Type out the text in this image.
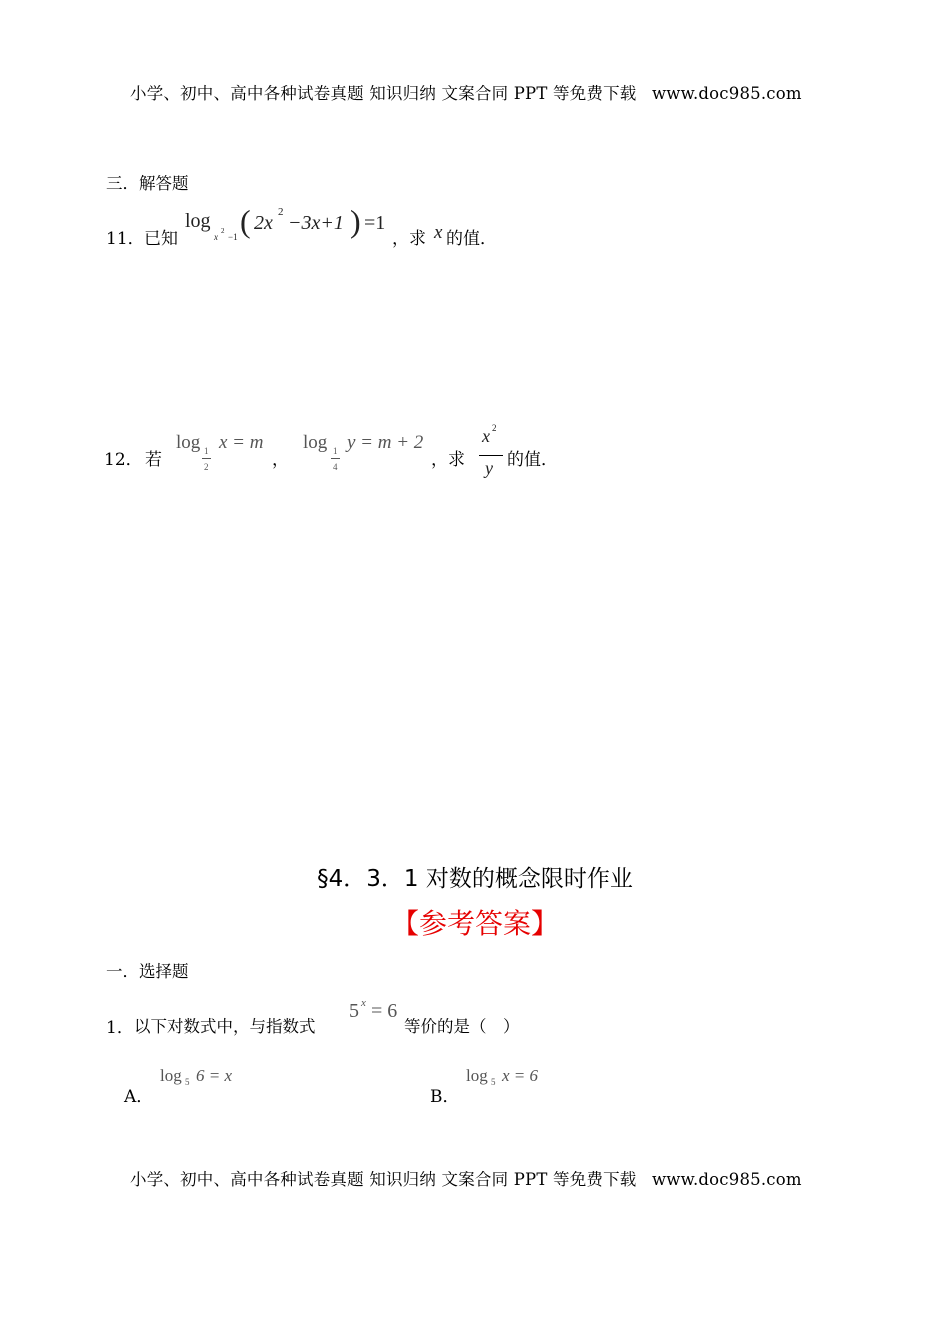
小学、初中、高中各种试卷真题 知识归纳 文案合同 PPT 等免费下载 www.doc985.com
三．解答题
11． 已知
log
x
2
−1 ( 2x 2 −3x+1 ) =1
，求 x 的值．
12． 若
log 1
2
x = m
，
log 1
4
y = m + 2
，求
x 2
y 的值．
§4．3．1 对数的概念限时作业
【参考答案】
一．选择题
1． 以下对数式中，与指数式
5 x = 6
等价的是（　）
A．
log 5 6 = x
B．
log 5 x = 6
小学、初中、高中各种试卷真题 知识归纳 文案合同 PPT 等免费下载 www.doc985.com
